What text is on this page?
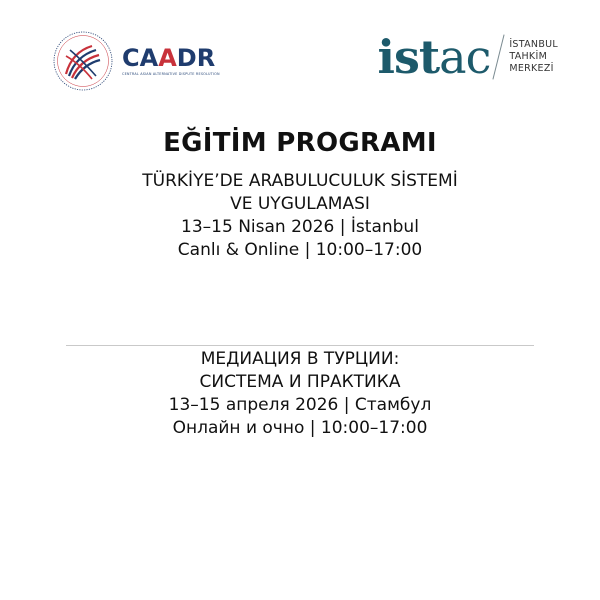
CAADR
CENTRAL ASIAN ALTERNATIVE DISPUTE RESOLUTION	istac İSTANBUL
TAHKİM
MERKEZİ
EĞİTİM PROGRAMI
TÜRKİYE’DE ARABULUCULUK SİSTEMİ
VE UYGULAMASI
13–15 Nisan 2026 | İstanbul
Canlı & Online | 10:00–17:00
МЕДИАЦИЯ В ТУРЦИИ:
СИСТЕМА И ПРАКТИКА
13–15 апреля 2026 | Стамбул
Онлайн и очно | 10:00–17:00
